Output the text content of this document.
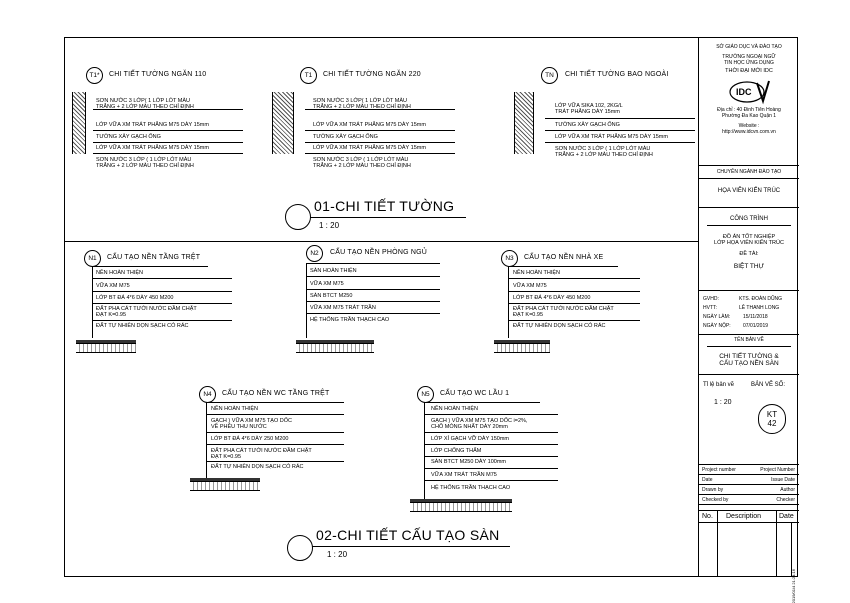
T1*	CHI TIẾT TƯỜNG NGĂN 110
SƠN NƯỚC 3 LỚP( 1 LỚP LÓT MÀU
TRẮNG + 2 LỚP MÀU THEO CHỈ ĐỊNH
LỚP VỮA XM TRÁT PHẲNG M75 DÀY 15mm
TƯỜNG XÂY GẠCH ỐNG
LỚP VỮA XM TRÁT PHẲNG M75 DÀY 15mm
SƠN NƯỚC 3 LỚP ( 1 LỚP LÓT MÀU
TRẮNG + 2 LỚP MÀU THEO CHỈ ĐỊNH
T1	CHI TIẾT TƯỜNG NGĂN 220
SƠN NƯỚC 3 LỚP( 1 LỚP LÓT MÀU
TRẮNG + 2 LỚP MÀU THEO CHỈ ĐỊNH
LỚP VỮA XM TRÁT PHẲNG M75 DÀY 15mm
TƯỜNG XÂY GẠCH ỐNG
LỚP VỮA XM TRÁT PHẲNG M75 DÀY 15mm
SƠN NƯỚC 3 LỚP ( 1 LỚP LÓT MÀU
TRẮNG + 2 LỚP MÀU THEO CHỈ ĐỊNH
TN	CHI TIẾT TƯỜNG BAO NGOÀI
LỚP VỮA SIKA 102, 2KG/L
TRÁT PHẲNG DÀY 15mm
TƯỜNG XÂY GẠCH ỐNG
LỚP VỮA XM TRÁT PHẲNG M75 DÀY 15mm
SƠN NƯỚC 3 LỚP ( 1 LỚP LÓT MÀU
TRẮNG + 2 LỚP MÀU THEO CHỈ ĐỊNH
01-CHI TIẾT TƯỜNG
1 : 20
N1	CẤU TẠO NỀN TẦNG TRỆT
NỀN HOÀN THIỆN
VỮA XM M75
LỚP BT ĐÁ 4*6 DÀY 450 M200
ĐẤT PHA CÁT TƯỚI NƯỚC ĐẦM CHẶT
ĐẠT K=0.95
ĐẤT TỰ NHIÊN DỌN SẠCH CỎ RÁC
N2	CẤU TẠO NỀN PHÒNG NGỦ
SÀN HOÀN THIỆN
VỮA XM M75
SÀN BTCT M250
VỮA XM M75 TRÁT TRẦN
HỆ THỐNG TRẦN THẠCH CAO
N3	CẤU TẠO NỀN NHÀ XE
NỀN HOÀN THIỆN
VỮA XM M75
LỚP BT ĐÁ 4*6 DÀY 450 M200
ĐẤT PHA CÁT TƯỚI NƯỚC ĐẦM CHẶT
ĐẠT K=0.95
ĐẤT TỰ NHIÊN DỌN SẠCH CỎ RÁC
N4	CẤU TẠO NỀN WC TẦNG TRỆT
NỀN HOÀN THIỆN
GẠCH ) VỮA XM M75 TẠO DỐC
VỀ PHỄU THU NƯỚC
LỚP BT ĐÁ 4*6 DÀY 250 M200
ĐẤT PHA CÁT TƯỚI NƯỚC ĐẦM CHẶT
ĐẠT K=0.95
ĐẤT TỰ NHIÊN DỌN SẠCH CỎ RÁC
N5	CẤU TẠO WC LẦU 1
NỀN HOÀN THIỆN
GẠCH ) VỮA XM M75 TẠO DỐC i=2%,
CHỖ MỎNG NHẤT DÀY 20mm
LỚP XỈ GẠCH VỠ DÀY 150mm
LỚP CHỐNG THẤM
SÀN BTCT M250 DÀY 100mm
VỮA XM TRÁT TRẦN M75
HỆ THỐNG TRẦN THẠCH CAO
02-CHI TIẾT CẤU TẠO SÀN
1 : 20
SỞ GIÁO DỤC VÀ ĐÀO TẠO
TRƯỜNG NGOẠI NGỮ
TIN HỌC ỨNG DỤNG
THỜI ĐẠI MỚI IDC
IDC
Địa chỉ : 40 Đinh Tiên Hoàng
Phường Đa Kao Quận 1
Website :
http://www.idcvn.com.vn
CHUYÊN NGÀNH ĐÀO TẠO
HỌA VIÊN KIẾN TRÚC
CÔNG TRÌNH
ĐỒ ÁN TỐT NGHIỆP
LỚP HỌA VIÊN KIẾN TRÚC
ĐỀ TÀI:
BIỆT THỰ
GVHD:	KTS. ĐOÀN DŨNG
HVTT:	LÊ THANH LONG
NGÀY LÀM:	15/11/2018
NGÀY NỘP: 07/01/2019
TÊN BẢN VẼ
CHI TIẾT TƯỜNG &
CẤU TẠO NỀN SÀN
Tỉ lệ bản vẽ	BẢN VẼ SỐ:
1 : 20
KT
42
Project number	Project Number
Date	Issue Date
Drawn by	Author
Checked by	Checker
No. Description	Date
2019/01/4 21:24:16
